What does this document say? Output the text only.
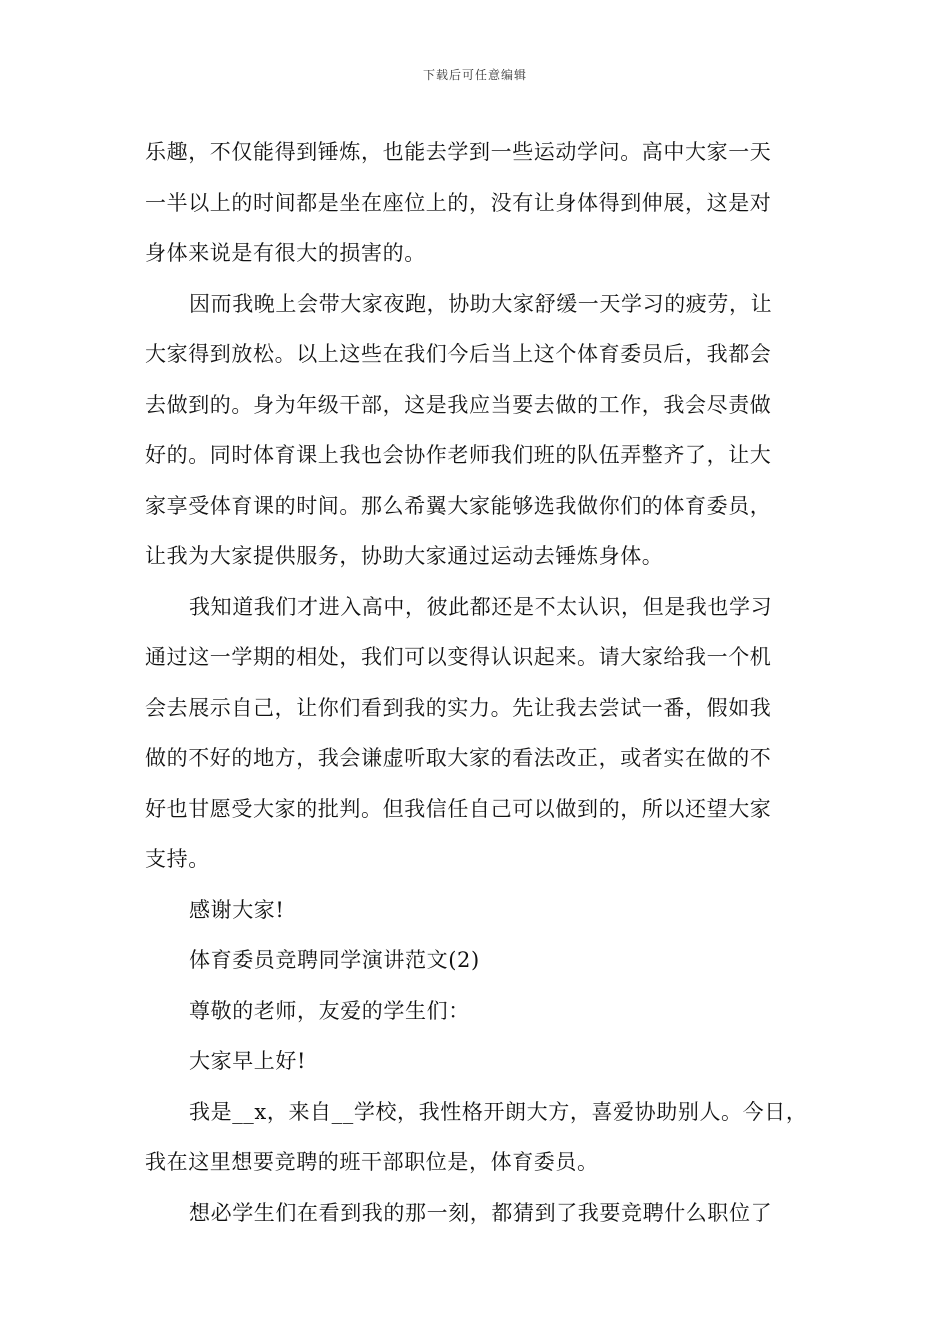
下载后可任意编辑
乐趣，不仅能得到锤炼，也能去学到一些运动学问。高中大家一天
一半以上的时间都是坐在座位上的，没有让身体得到伸展，这是对
身体来说是有很大的损害的。
因而我晚上会带大家夜跑，协助大家舒缓一天学习的疲劳，让
大家得到放松。以上这些在我们今后当上这个体育委员后，我都会
去做到的。身为年级干部，这是我应当要去做的工作，我会尽责做
好的。同时体育课上我也会协作老师我们班的队伍弄整齐了，让大
家享受体育课的时间。那么希翼大家能够选我做你们的体育委员，
让我为大家提供服务，协助大家通过运动去锤炼身体。
我知道我们才进入高中，彼此都还是不太认识，但是我也学习
通过这一学期的相处，我们可以变得认识起来。请大家给我一个机
会去展示自己，让你们看到我的实力。先让我去尝试一番，假如我
做的不好的地方，我会谦虚听取大家的看法改正，或者实在做的不
好也甘愿受大家的批判。但我信任自己可以做到的，所以还望大家
支持。
感谢大家!
体育委员竞聘同学演讲范文(2)
尊敬的老师，友爱的学生们：
大家早上好!
我是__x，来自__学校，我性格开朗大方，喜爱协助别人。今日，
我在这里想要竞聘的班干部职位是，体育委员。
想必学生们在看到我的那一刻，都猜到了我要竞聘什么职位了
